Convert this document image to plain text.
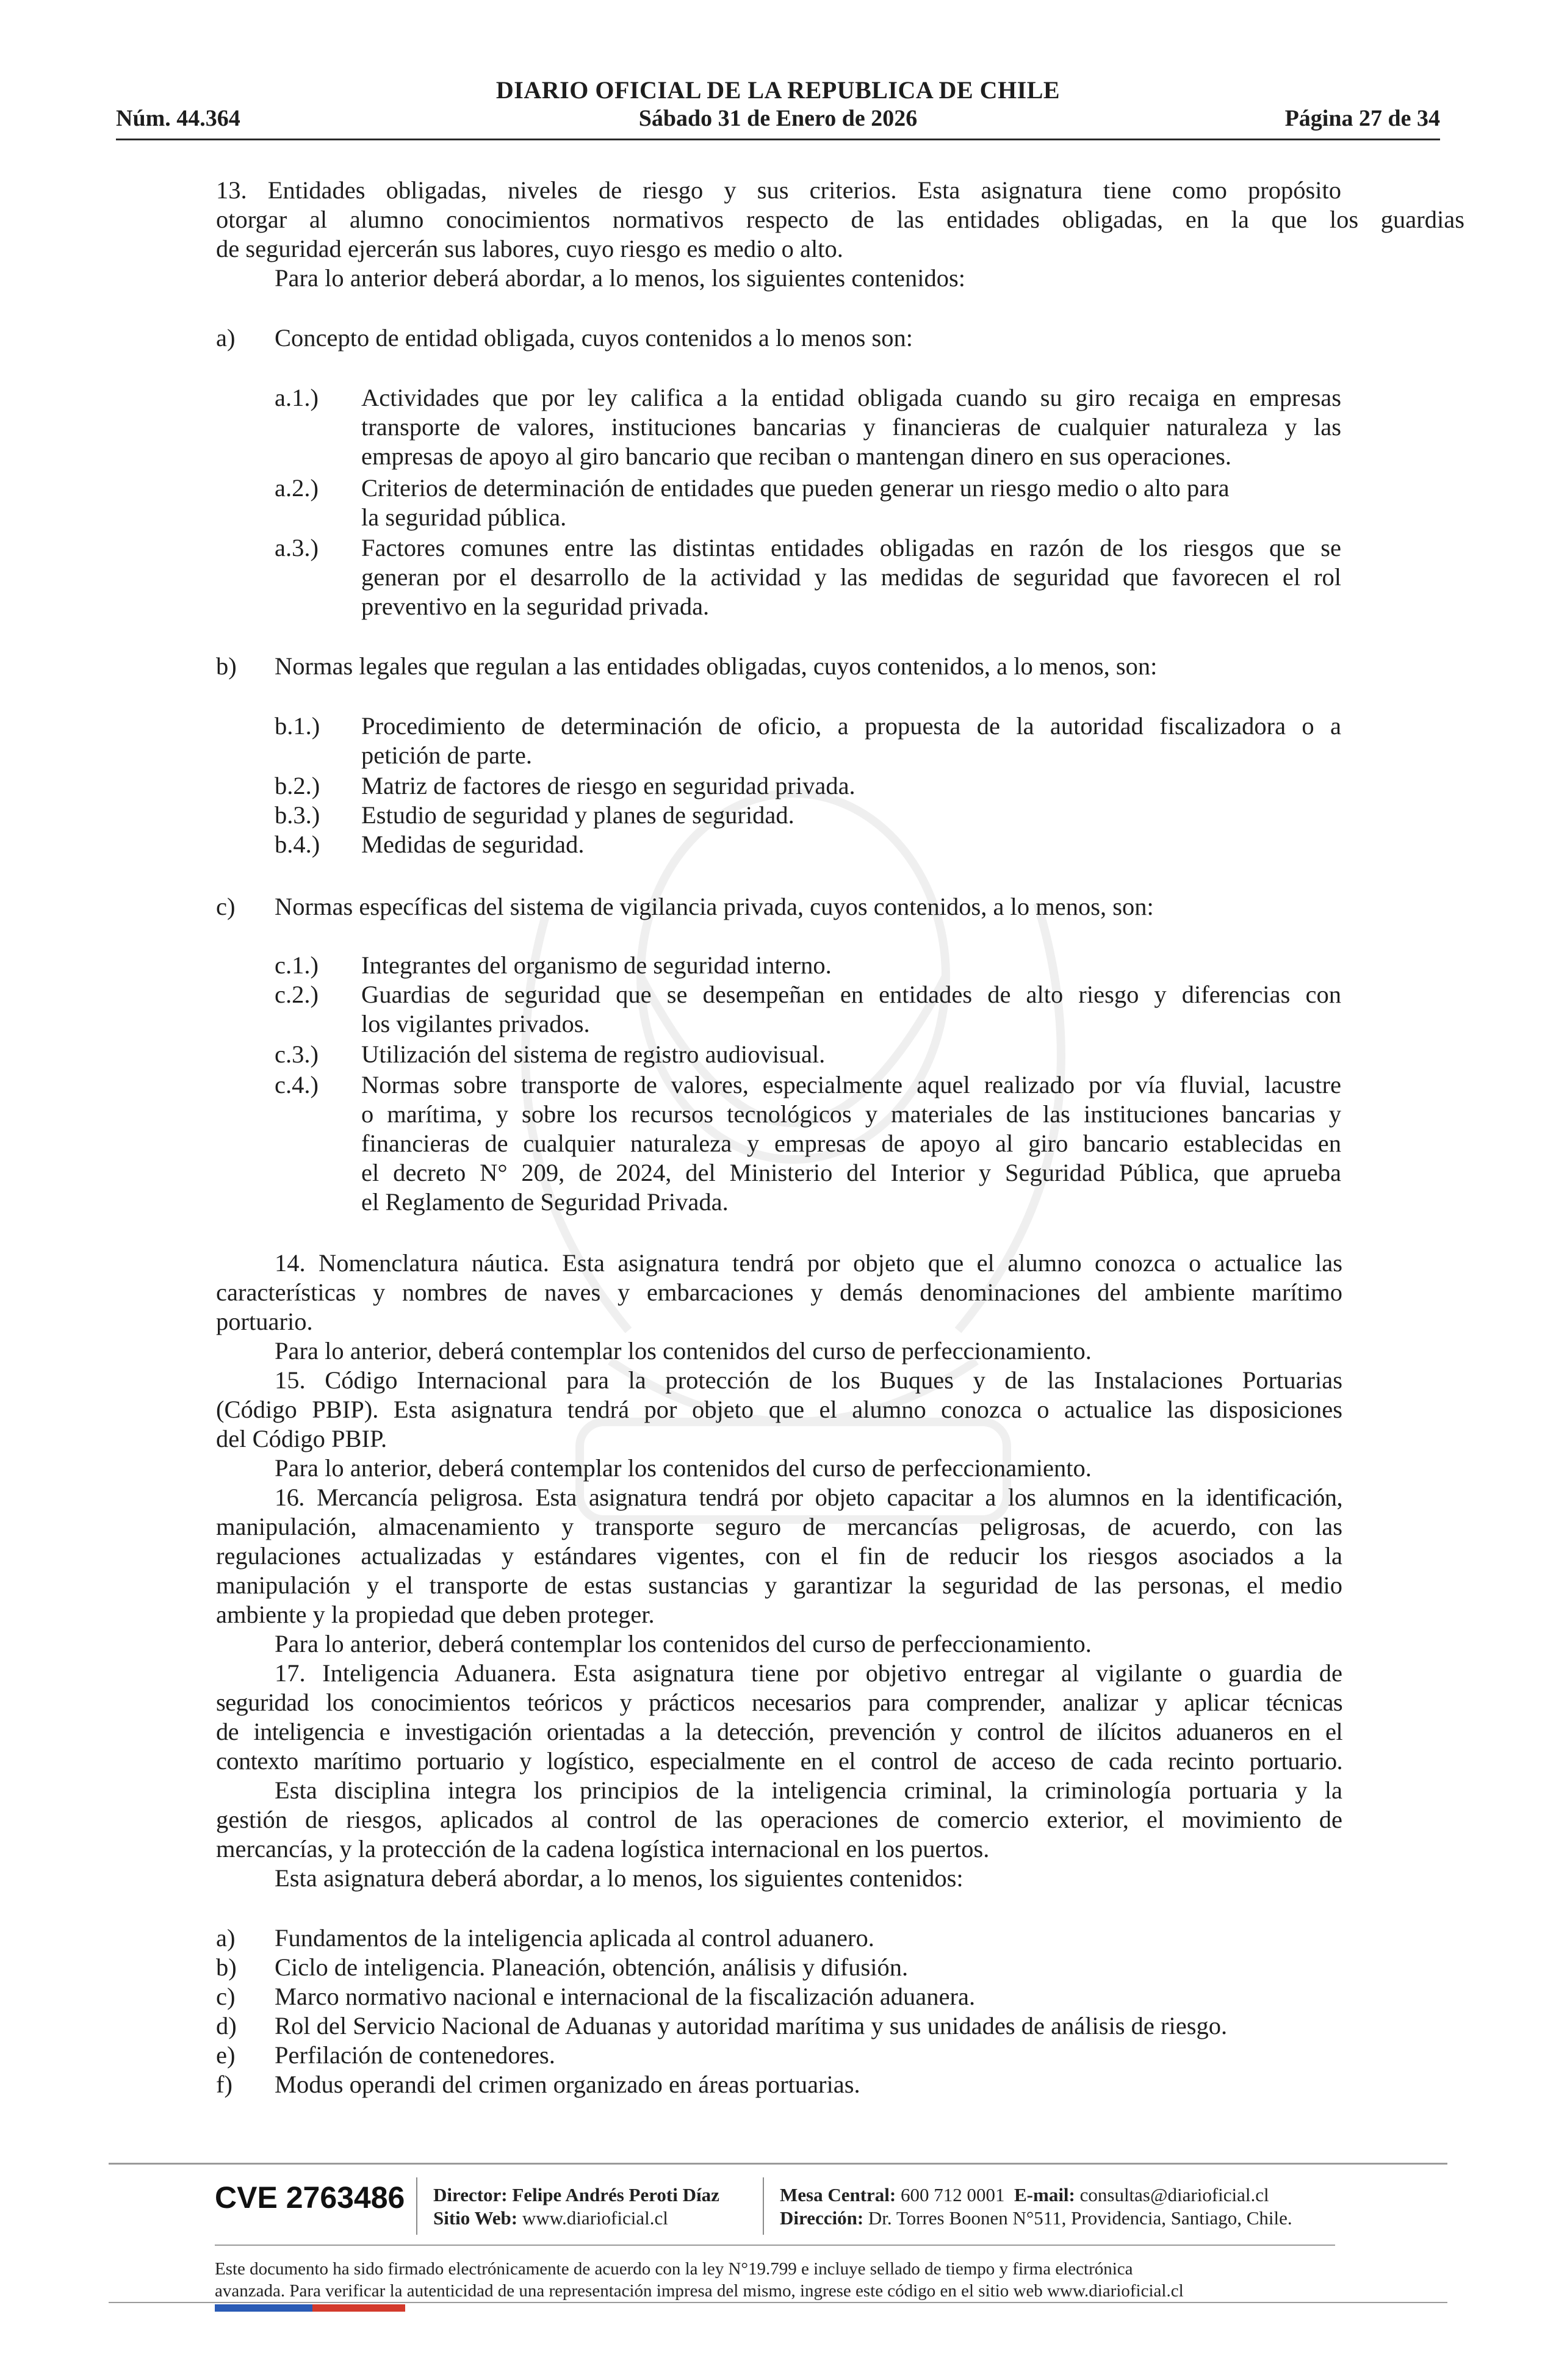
DIARIO OFICIAL DE LA REPUBLICA DE CHILE
Núm. 44.364	Sábado 31 de Enero de 2026	Página 27 de 34
13. Entidades obligadas, niveles de riesgo y sus criterios. Esta asignatura tiene como propósito
otorgar al alumno conocimientos normativos respecto de las entidades obligadas, en la que los guardias
de seguridad ejercerán sus labores, cuyo riesgo es medio o alto.
Para lo anterior deberá abordar, a lo menos, los siguientes contenidos:
a) Concepto de entidad obligada, cuyos contenidos a lo menos son:
a.1.) Actividades que por ley califica a la entidad obligada cuando su giro recaiga en empresas
transporte de valores, instituciones bancarias y financieras de cualquier naturaleza y las
empresas de apoyo al giro bancario que reciban o mantengan dinero en sus operaciones.
a.2.) Criterios de determinación de entidades que pueden generar un riesgo medio o alto para
la seguridad pública.
a.3.) Factores comunes entre las distintas entidades obligadas en razón de los riesgos que se
generan por el desarrollo de la actividad y las medidas de seguridad que favorecen el rol
preventivo en la seguridad privada.
b) Normas legales que regulan a las entidades obligadas, cuyos contenidos, a lo menos, son:
b.1.) Procedimiento de determinación de oficio, a propuesta de la autoridad fiscalizadora o a
petición de parte.
b.2.) Matriz de factores de riesgo en seguridad privada.
b.3.) Estudio de seguridad y planes de seguridad.
b.4.) Medidas de seguridad.
c) Normas específicas del sistema de vigilancia privada, cuyos contenidos, a lo menos, son:
c.1.) Integrantes del organismo de seguridad interno.
c.2.) Guardias de seguridad que se desempeñan en entidades de alto riesgo y diferencias con
los vigilantes privados.
c.3.) Utilización del sistema de registro audiovisual.
c.4.) Normas sobre transporte de valores, especialmente aquel realizado por vía fluvial, lacustre
o marítima, y sobre los recursos tecnológicos y materiales de las instituciones bancarias y
financieras de cualquier naturaleza y empresas de apoyo al giro bancario establecidas en
el decreto N° 209, de 2024, del Ministerio del Interior y Seguridad Pública, que aprueba
el Reglamento de Seguridad Privada.
14. Nomenclatura náutica. Esta asignatura tendrá por objeto que el alumno conozca o actualice las
características y nombres de naves y embarcaciones y demás denominaciones del ambiente marítimo
portuario.
Para lo anterior, deberá contemplar los contenidos del curso de perfeccionamiento.
15. Código Internacional para la protección de los Buques y de las Instalaciones Portuarias
(Código PBIP). Esta asignatura tendrá por objeto que el alumno conozca o actualice las disposiciones
del Código PBIP.
Para lo anterior, deberá contemplar los contenidos del curso de perfeccionamiento.
16. Mercancía peligrosa. Esta asignatura tendrá por objeto capacitar a los alumnos en la identificación,
manipulación, almacenamiento y transporte seguro de mercancías peligrosas, de acuerdo, con las
regulaciones actualizadas y estándares vigentes, con el fin de reducir los riesgos asociados a la
manipulación y el transporte de estas sustancias y garantizar la seguridad de las personas, el medio
ambiente y la propiedad que deben proteger.
Para lo anterior, deberá contemplar los contenidos del curso de perfeccionamiento.
17. Inteligencia Aduanera. Esta asignatura tiene por objetivo entregar al vigilante o guardia de
seguridad los conocimientos teóricos y prácticos necesarios para comprender, analizar y aplicar técnicas
de inteligencia e investigación orientadas a la detección, prevención y control de ilícitos aduaneros en el
contexto marítimo portuario y logístico, especialmente en el control de acceso de cada recinto portuario.
Esta disciplina integra los principios de la inteligencia criminal, la criminología portuaria y la
gestión de riesgos, aplicados al control de las operaciones de comercio exterior, el movimiento de
mercancías, y la protección de la cadena logística internacional en los puertos.
Esta asignatura deberá abordar, a lo menos, los siguientes contenidos:
a) Fundamentos de la inteligencia aplicada al control aduanero.
b) Ciclo de inteligencia. Planeación, obtención, análisis y difusión.
c) Marco normativo nacional e internacional de la fiscalización aduanera.
d) Rol del Servicio Nacional de Aduanas y autoridad marítima y sus unidades de análisis de riesgo.
e) Perfilación de contenedores.
f) Modus operandi del crimen organizado en áreas portuarias.
CVE 2763486 Director: Felipe Andrés Peroti Díaz
Sitio Web: www.diarioficial.cl
Mesa Central: 600 712 0001 E-mail: consultas@diarioficial.cl
Dirección: Dr. Torres Boonen N°511, Providencia, Santiago, Chile.
Este documento ha sido firmado electrónicamente de acuerdo con la ley N°19.799 e incluye sellado de tiempo y firma electrónica
avanzada. Para verificar la autenticidad de una representación impresa del mismo, ingrese este código en el sitio web www.diarioficial.cl
